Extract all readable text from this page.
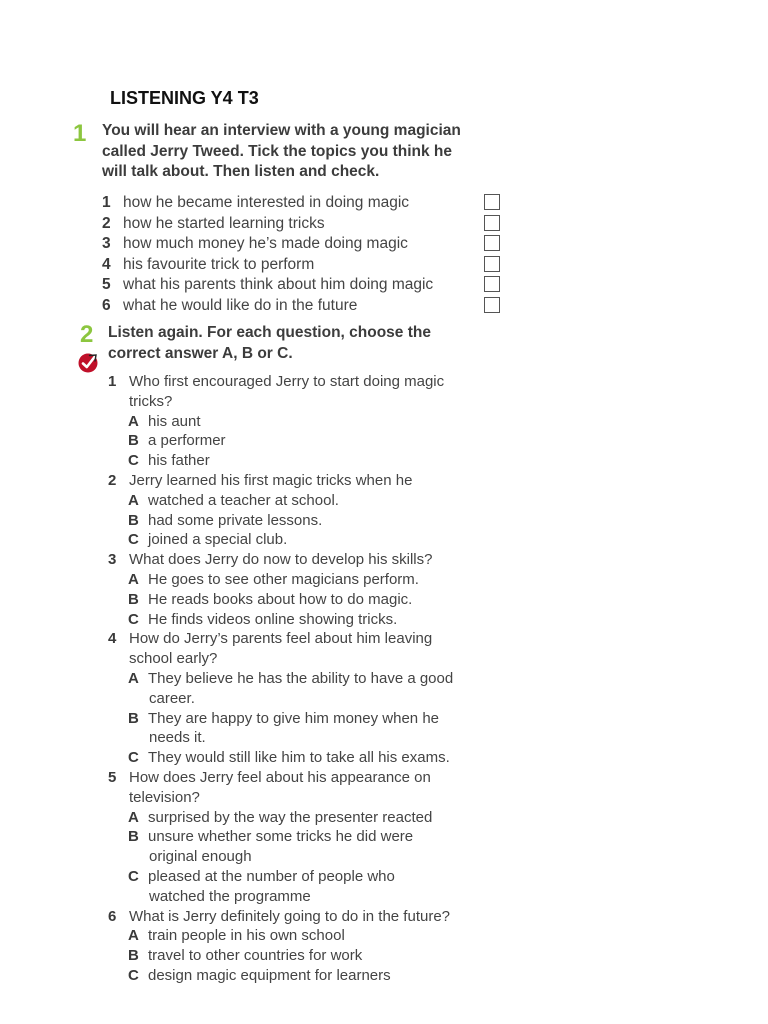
LISTENING Y4 T3
1 You will hear an interview with a young magician
called Jerry Tweed. Tick the topics you think he
will talk about. Then listen and check.
1 how he became interested in doing magic
2 how he started learning tricks
3 how much money he’s made doing magic
4 his favourite trick to perform
5 what his parents think about him doing magic
6 what he would like do in the future
2 Listen again. For each question, choose the
correct answer A, B or C.
1 Who first encouraged Jerry to start doing magic
tricks?
A his aunt
B a performer
C his father
2 Jerry learned his first magic tricks when he
A watched a teacher at school.
B had some private lessons.
C joined a special club.
3 What does Jerry do now to develop his skills?
A He goes to see other magicians perform.
B He reads books about how to do magic.
C He finds videos online showing tricks.
4 How do Jerry’s parents feel about him leaving
school early?
A They believe he has the ability to have a good
career.
B They are happy to give him money when he
needs it.
C They would still like him to take all his exams.
5 How does Jerry feel about his appearance on
television?
A surprised by the way the presenter reacted
B unsure whether some tricks he did were
original enough
C pleased at the number of people who
watched the programme
6 What is Jerry definitely going to do in the future?
A train people in his own school
B travel to other countries for work
C design magic equipment for learners
